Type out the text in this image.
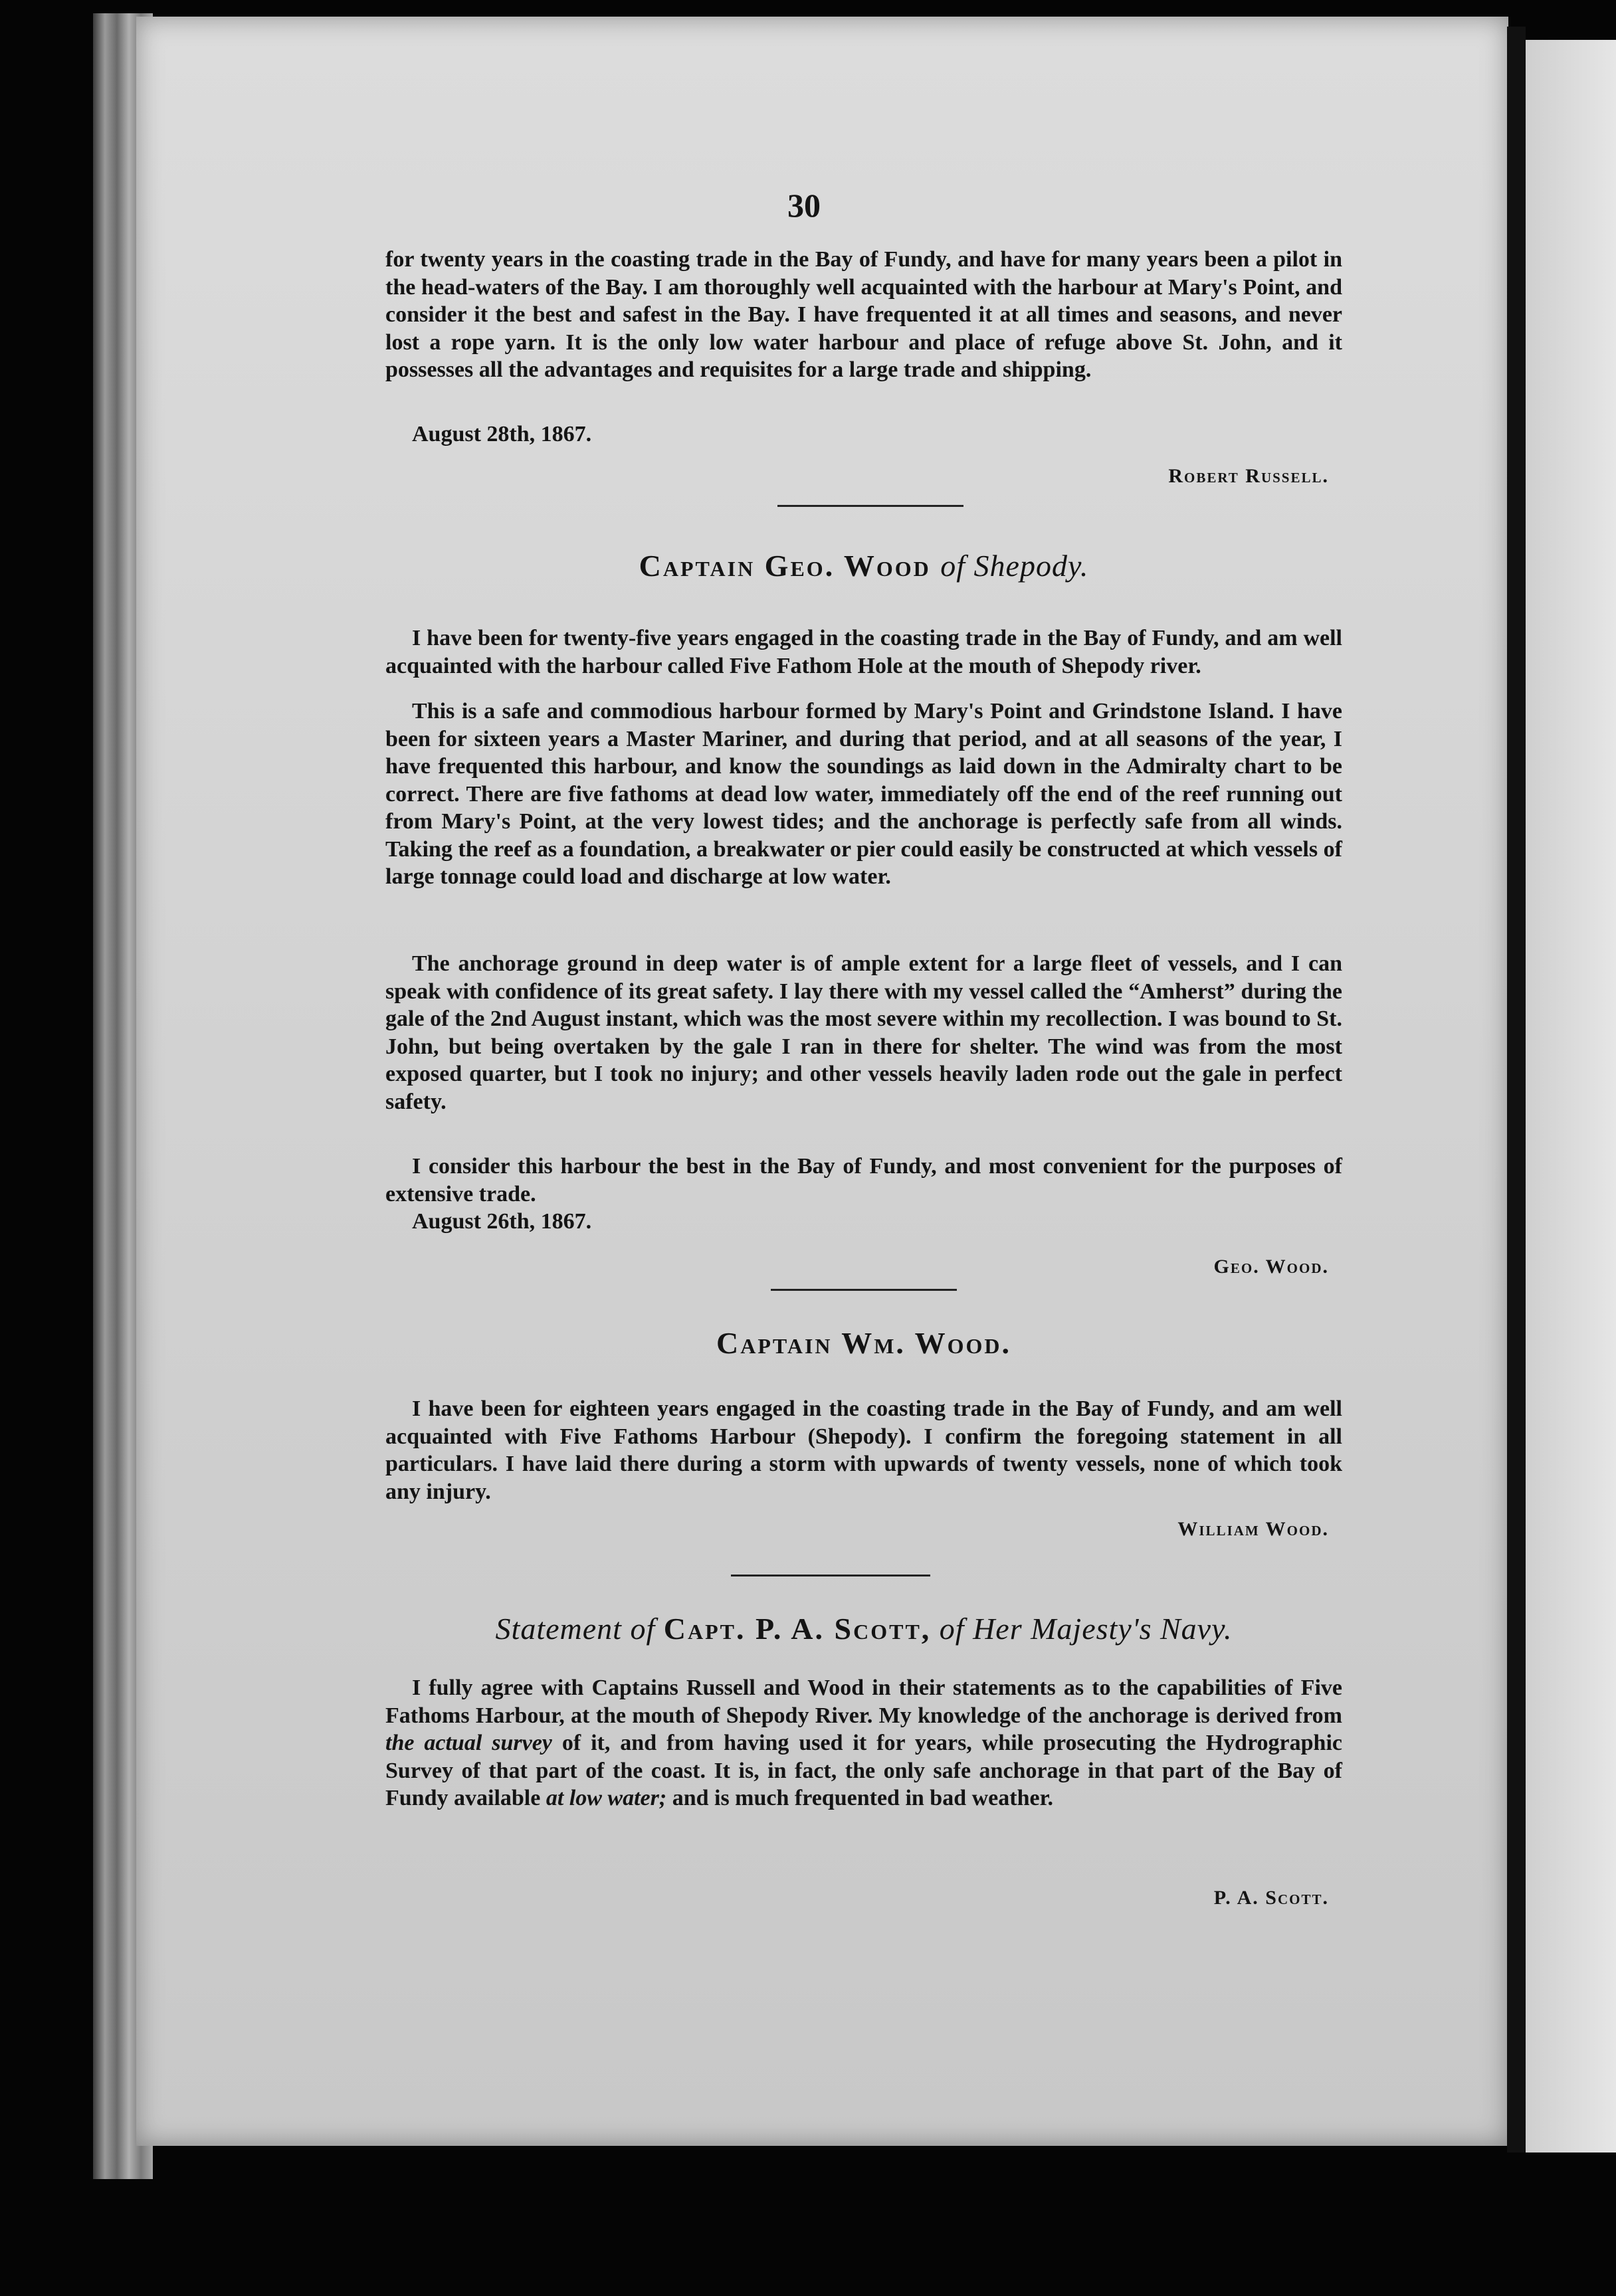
30
for twenty years in the coasting trade in the Bay of Fundy, and have for many years been a pilot in the head-waters of the Bay. I am thoroughly well acquainted with the harbour at Mary's Point, and consider it the best and safest in the Bay. I have frequented it at all times and seasons, and never lost a rope yarn. It is the only low water harbour and place of refuge above St. John, and it possesses all the advantages and requisites for a large trade and shipping.
August 28th, 1867.
Robert Russell.
Captain Geo. Wood of Shepody.
I have been for twenty-five years engaged in the coasting trade in the Bay of Fundy, and am well acquainted with the harbour called Five Fathom Hole at the mouth of Shepody river.
This is a safe and commodious harbour formed by Mary's Point and Grindstone Island. I have been for sixteen years a Master Mariner, and during that period, and at all seasons of the year, I have frequented this harbour, and know the soundings as laid down in the Admiralty chart to be correct. There are five fathoms at dead low water, immediately off the end of the reef running out from Mary's Point, at the very lowest tides; and the anchorage is perfectly safe from all winds. Taking the reef as a foundation, a breakwater or pier could easily be constructed at which vessels of large tonnage could load and discharge at low water.
The anchorage ground in deep water is of ample extent for a large fleet of vessels, and I can speak with confidence of its great safety. I lay there with my vessel called the “Amherst” during the gale of the 2nd August instant, which was the most severe within my recollection. I was bound to St. John, but being overtaken by the gale I ran in there for shelter. The wind was from the most exposed quarter, but I took no injury; and other vessels heavily laden rode out the gale in perfect safety.
I consider this harbour the best in the Bay of Fundy, and most convenient for the purposes of extensive trade.
August 26th, 1867.
Geo. Wood.
Captain Wm. Wood.
I have been for eighteen years engaged in the coasting trade in the Bay of Fundy, and am well acquainted with Five Fathoms Harbour (Shepody). I confirm the foregoing statement in all particulars. I have laid there during a storm with upwards of twenty vessels, none of which took any injury.
William Wood.
Statement of Capt. P. A. Scott, of Her Majesty's Navy.
I fully agree with Captains Russell and Wood in their statements as to the capabilities of Five Fathoms Harbour, at the mouth of Shepody River. My knowledge of the anchorage is derived from the actual survey of it, and from having used it for years, while prosecuting the Hydrographic Survey of that part of the coast. It is, in fact, the only safe anchorage in that part of the Bay of Fundy available at low water; and is much frequented in bad weather.
P. A. Scott.
